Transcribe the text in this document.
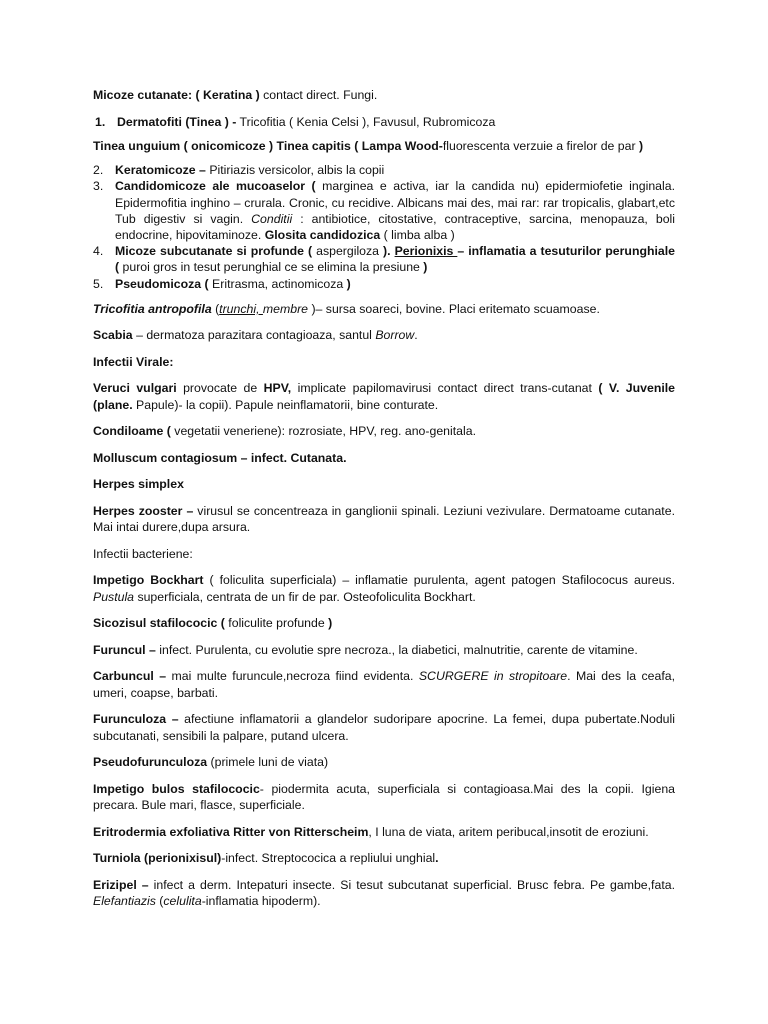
Micoze cutanate: ( Keratina ) contact direct. Fungi.

1. Dermatofiti (Tinea ) - Tricofitia ( Kenia Celsi ), Favusul, Rubromicoza

Tinea unguium ( onicomicoze ) Tinea capitis ( Lampa Wood-fluorescenta verzuie a firelor de par )

2. Keratomicoze – Pitiriazis versicolor, albis la copii
3. Candidomicoze ale mucoaselor ( marginea e activa, iar la candida nu) epidermiofetie inginala. Epidermofitia inghino – crurala. Cronic, cu recidive. Albicans mai des, mai rar: rar tropicalis, glabart,etc Tub digestiv si vagin. Conditii : antibiotice, citostative, contraceptive, sarcina, menopauza, boli endocrine, hipovitaminoze. Glosita candidozica ( limba alba )
4. Micoze subcutanate si profunde ( aspergiloza ). Perionixis – inflamatia a tesuturilor perunghiale ( puroi gros in tesut perunghial ce se elimina la presiune )
5. Pseudomicoza ( Eritrasma, actinomicoza )

Tricofitia antropofila (trunchi, membre )– sursa soareci, bovine. Placi eritemato scuamoase.

Scabia – dermatoza parazitara contagioaza, santul Borrow.

Infectii Virale:

Veruci vulgari provocate de HPV, implicate papilomavirusi contact direct trans-cutanat ( V. Juvenile (plane. Papule)- la copii). Papule neinflamatorii, bine conturate.

Condiloame ( vegetatii veneriene): rozrosiate, HPV, reg. ano-genitala.

Molluscum contagiosum – infect. Cutanata.

Herpes simplex

Herpes zooster – virusul se concentreaza in ganglionii spinali. Leziuni vezivulare. Dermatoame cutanate. Mai intai durere,dupa arsura.

Infectii bacteriene:

Impetigo Bockhart ( foliculita superficiala) – inflamatie purulenta, agent patogen Stafilococus aureus. Pustula superficiala, centrata de un fir de par. Osteofoliculita Bockhart.

Sicozisul stafilococic ( foliculite profunde )

Furuncul – infect. Purulenta, cu evolutie spre necroza., la diabetici, malnutritie, carente de vitamine.

Carbuncul – mai multe furuncule,necroza fiind evidenta. SCURGERE in stropitoare. Mai des la ceafa, umeri, coapse, barbati.

Furunculoza – afectiune inflamatorii a glandelor sudoripare apocrine. La femei, dupa pubertate.Noduli subcutanati, sensibili la palpare, putand ulcera.

Pseudofurunculoza (primele luni de viata)

Impetigo bulos stafilococic- piodermita acuta, superficiala si contagioasa.Mai des la copii. Igiena precara. Bule mari, flasce, superficiale.

Eritrodermia exfoliativa Ritter von Ritterscheim, I luna de viata, aritem peribucal,insotit de eroziuni.

Turniola (perionixisul)-infect. Streptococica a repliului unghial.

Erizipel – infect a derm. Intepaturi insecte. Si tesut subcutanat superficial. Brusc febra. Pe gambe,fata. Elefantiazis (celulita-inflamatia hipoderm).
